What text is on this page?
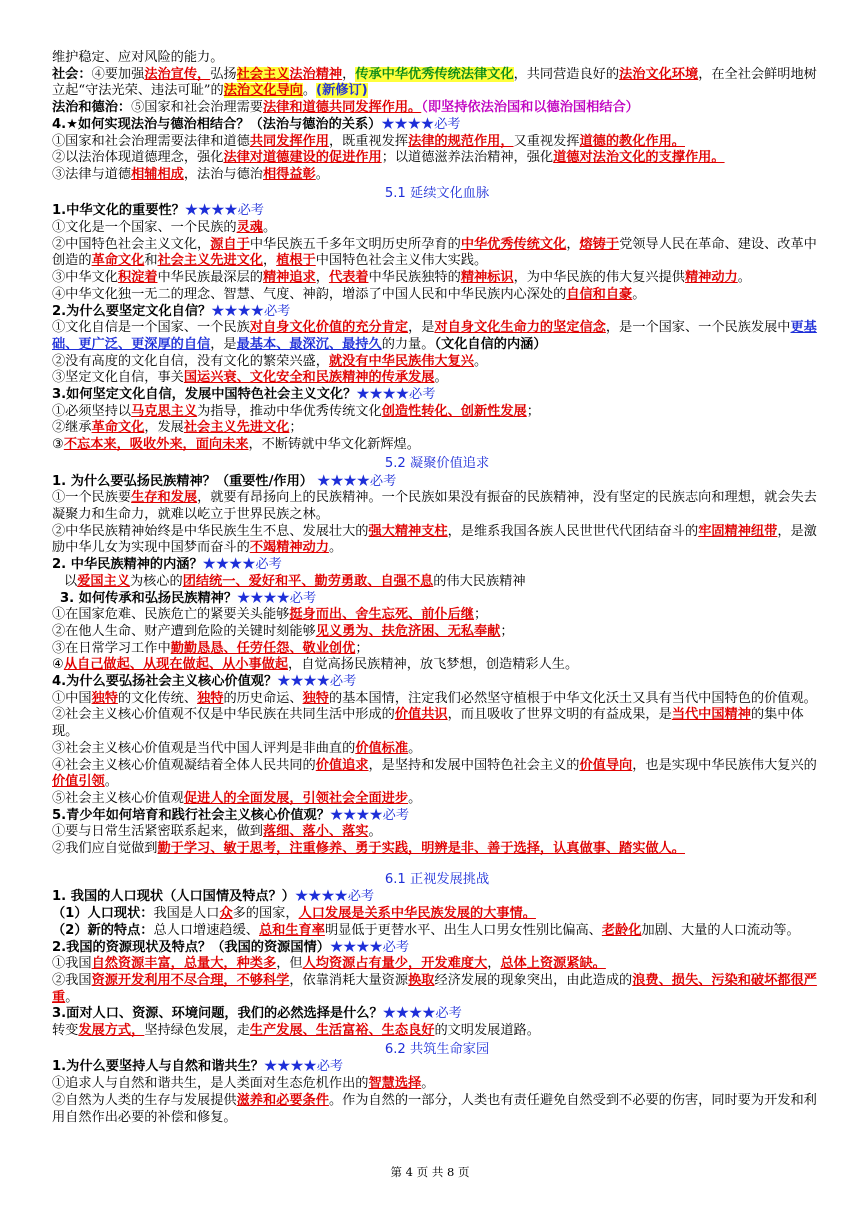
维护稳定、应对风险的能力。

社会：④要加强法治宣传，弘扬社会主义法治精神，传承中华优秀传统法律文化，共同营造良好的法治文化环境，在全社会鲜明地树立起“守法光荣、违法可耻”的法治文化导向。(新修订)

法治和德治：⑤国家和社会治理需要法律和道德共同发挥作用。（即坚持依法治国和以德治国相结合）

4.★如何实现法治与德治相结合？（法治与德治的关系）★★★★必考

①国家和社会治理需要法律和道德共同发挥作用，既重视发挥法律的规范作用，又重视发挥道德的教化作用。

②以法治体现道德理念，强化法律对道德建设的促进作用；以道德滋养法治精神，强化道德对法治文化的支撑作用。

③法律与道德相辅相成，法治与德治相得益彰。

5.1 延续文化血脉

1.中华文化的重要性？★★★★必考

①文化是一个国家、一个民族的灵魂。

②中国特色社会主义文化，源自于中华民族五千多年文明历史所孕育的中华优秀传统文化，熔铸于党领导人民在革命、建设、改革中创造的革命文化和社会主义先进文化，植根于中国特色社会主义伟大实践。

③中华文化积淀着中华民族最深层的精神追求，代表着中华民族独特的精神标识，为中华民族的伟大复兴提供精神动力。

④中华文化独一无二的理念、智慧、气度、神韵，增添了中国人民和中华民族内心深处的自信和自豪。

2.为什么要坚定文化自信？★★★★必考

①文化自信是一个国家、一个民族对自身文化价值的充分肯定，是对自身文化生命力的坚定信念，是一个国家、一个民族发展中更基础、更广泛、更深厚的自信，是最基本、最深沉、最持久的力量。（文化自信的内涵）

②没有高度的文化自信，没有文化的繁荣兴盛，就没有中华民族伟大复兴。

③坚定文化自信，事关国运兴衰、文化安全和民族精神的传承发展。

3.如何坚定文化自信，发展中国特色社会主义文化？★★★★必考

①必须坚持以马克思主义为指导，推动中华优秀传统文化创造性转化、创新性发展；

②继承革命文化，发展社会主义先进文化；

③不忘本来，吸收外来，面向未来，不断铸就中华文化新辉煌。

5.2 凝聚价值追求

1. 为什么要弘扬民族精神？（重要性/作用） ★★★★必考

①一个民族要生存和发展，就要有昂扬向上的民族精神。一个民族如果没有振奋的民族精神，没有坚定的民族志向和理想，就会失去凝聚力和生命力，就难以屹立于世界民族之林。

②中华民族精神始终是中华民族生生不息、发展壮大的强大精神支柱，是维系我国各族人民世世代代团结奋斗的牢固精神纽带，是激励中华儿女为实现中国梦而奋斗的不竭精神动力。

2. 中华民族精神的内涵？★★★★必考

以爱国主义为核心的团结统一、爱好和平、勤劳勇敢、自强不息的伟大民族精神

3. 如何传承和弘扬民族精神？★★★★必考

①在国家危难、民族危亡的紧要关头能够挺身而出、舍生忘死、前仆后继；

②在他人生命、财产遭到危险的关键时刻能够见义勇为、扶危济困、无私奉献；

③在日常学习工作中勤勤恳恳、任劳任怨、敬业创优；

④从自己做起、从现在做起、从小事做起，自觉高扬民族精神，放飞梦想，创造精彩人生。

4.为什么要弘扬社会主义核心价值观？★★★★必考

①中国独特的文化传统、独特的历史命运、独特的基本国情，注定我们必然坚守植根于中华文化沃土又具有当代中国特色的价值观。

②社会主义核心价值观不仅是中华民族在共同生活中形成的价值共识，而且吸收了世界文明的有益成果，是当代中国精神的集中体现。

③社会主义核心价值观是当代中国人评判是非曲直的价值标准。

④社会主义核心价值观凝结着全体人民共同的价值追求，是坚持和发展中国特色社会主义的价值导向，也是实现中华民族伟大复兴的价值引领。

⑤社会主义核心价值观促进人的全面发展，引领社会全面进步。

5.青少年如何培育和践行社会主义核心价值观？★★★★必考

①要与日常生活紧密联系起来，做到落细、落小、落实。

②我们应自觉做到勤于学习、敏于思考，注重修养、勇于实践，明辨是非、善于选择，认真做事、踏实做人。

6.1 正视发展挑战

1. 我国的人口现状（人口国情及特点？）★★★★必考

（1）人口现状：我国是人口众多的国家，人口发展是关系中华民族发展的大事情。

（2）新的特点：总人口增速趋缓、总和生育率明显低于更替水平、出生人口男女性别比偏高、老龄化加剧、大量的人口流动等。

2.我国的资源现状及特点？（我国的资源国情）★★★★必考

①我国自然资源丰富，总量大，种类多，但人均资源占有量少，开发难度大，总体上资源紧缺。

②我国资源开发利用不尽合理，不够科学，依靠消耗大量资源换取经济发展的现象突出，由此造成的浪费、损失、污染和破坏都很严重。

3.面对人口、资源、环境问题，我们的必然选择是什么？★★★★必考

转变发展方式，坚持绿色发展，走生产发展、生活富裕、生态良好的文明发展道路。

6.2 共筑生命家园

1.为什么要坚持人与自然和谐共生？★★★★必考

①追求人与自然和谐共生，是人类面对生态危机作出的智慧选择。

②自然为人类的生存与发展提供滋养和必要条件。作为自然的一部分，人类也有责任避免自然受到不必要的伤害，同时要为开发和利用自然作出必要的补偿和修复。

第 4 页 共 8 页
